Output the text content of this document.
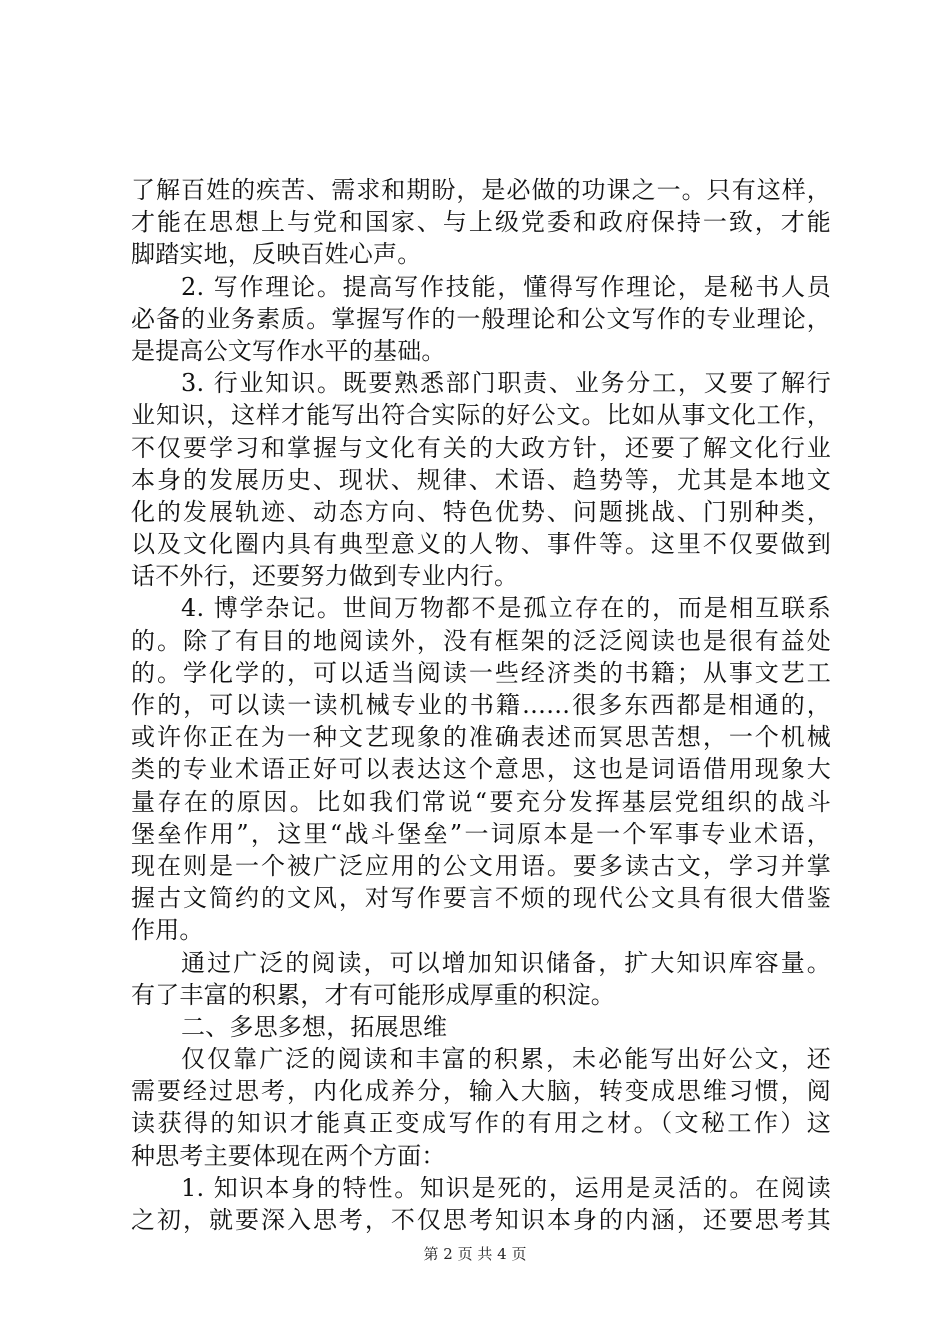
了解百姓的疾苦、需求和期盼，是必做的功课之一。只有这样，
才能在思想上与党和国家、与上级党委和政府保持一致，才能
脚踏实地，反映百姓心声。
2. 写作理论。提高写作技能，懂得写作理论，是秘书人员
必备的业务素质。掌握写作的一般理论和公文写作的专业理论，
是提高公文写作水平的基础。
3. 行业知识。既要熟悉部门职责、业务分工，又要了解行
业知识，这样才能写出符合实际的好公文。比如从事文化工作，
不仅要学习和掌握与文化有关的大政方针，还要了解文化行业
本身的发展历史、现状、规律、术语、趋势等，尤其是本地文
化的发展轨迹、动态方向、特色优势、问题挑战、门别种类，
以及文化圈内具有典型意义的人物、事件等。这里不仅要做到
话不外行，还要努力做到专业内行。
4. 博学杂记。世间万物都不是孤立存在的，而是相互联系
的。除了有目的地阅读外，没有框架的泛泛阅读也是很有益处
的。学化学的，可以适当阅读一些经济类的书籍；从事文艺工
作的，可以读一读机械专业的书籍……很多东西都是相通的，
或许你正在为一种文艺现象的准确表述而冥思苦想，一个机械
类的专业术语正好可以表达这个意思，这也是词语借用现象大
量存在的原因。比如我们常说“要充分发挥基层党组织的战斗
堡垒作用”，这里“战斗堡垒”一词原本是一个军事专业术语，
现在则是一个被广泛应用的公文用语。要多读古文，学习并掌
握古文简约的文风，对写作要言不烦的现代公文具有很大借鉴
作用。
通过广泛的阅读，可以增加知识储备，扩大知识库容量。
有了丰富的积累，才有可能形成厚重的积淀。
二、多思多想，拓展思维
仅仅靠广泛的阅读和丰富的积累，未必能写出好公文，还
需要经过思考，内化成养分，输入大脑，转变成思维习惯，阅
读获得的知识才能真正变成写作的有用之材。（文秘工作）这
种思考主要体现在两个方面：
1. 知识本身的特性。知识是死的，运用是灵活的。在阅读
之初，就要深入思考，不仅思考知识本身的内涵，还要思考其
第 2 页 共 4 页
